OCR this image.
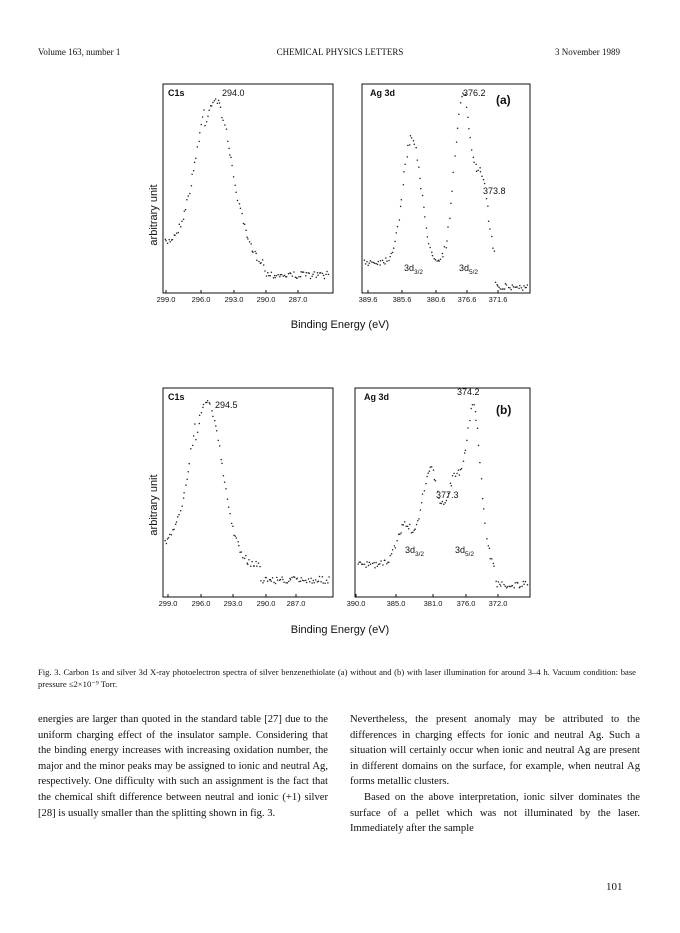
Volume 163, number 1	CHEMICAL PHYSICS LETTERS	3 November 1989
arbitrary unit
arbitrary unit
C1s	294.0	Ag 3d	376.2 (a)
373.8
$3d_{3/2}$	$3d_{5/2}$
299.0 296.0 293.0 290.0 287.0	389.6 385.6 380.6 376.6 371.6
Binding Energy (eV)
C1s
294.5
Ag 3d	374.2
(b)
377.3
$3d_{3/2}$	$3d_{5/2}$
299.0 296.0 293.0 290.0 287.0	390.0	385.0 381.0 376.0 372.0
Binding Energy (eV)
Fig. 3. Carbon 1s and silver 3d X-ray photoelectron spectra of silver benzenethiolate (a) without and (b) with laser illumination for around 3–4 h. Vacuum condition: base pressure ≤2×10⁻⁹ Torr.

energies are larger than quoted in the standard table [27] due to the uniform charging effect of the insulator sample. Considering that the binding energy increases with increasing oxidation number, the major and the minor peaks may be assigned to ionic and neutral Ag, respectively. One difficulty with such an assignment is the fact that the chemical shift difference between neutral and ionic (+1) silver [28] is usually smaller than the splitting shown in fig. 3.

Nevertheless, the present anomaly may be attributed to the differences in charging effects for ionic and neutral Ag. Such a situation will certainly occur when ionic and neutral Ag are present in different domains on the surface, for example, when neutral Ag forms metallic clusters.

Based on the above interpretation, ionic silver dominates the surface of a pellet which was not illuminated by the laser. Immediately after the sample

101
